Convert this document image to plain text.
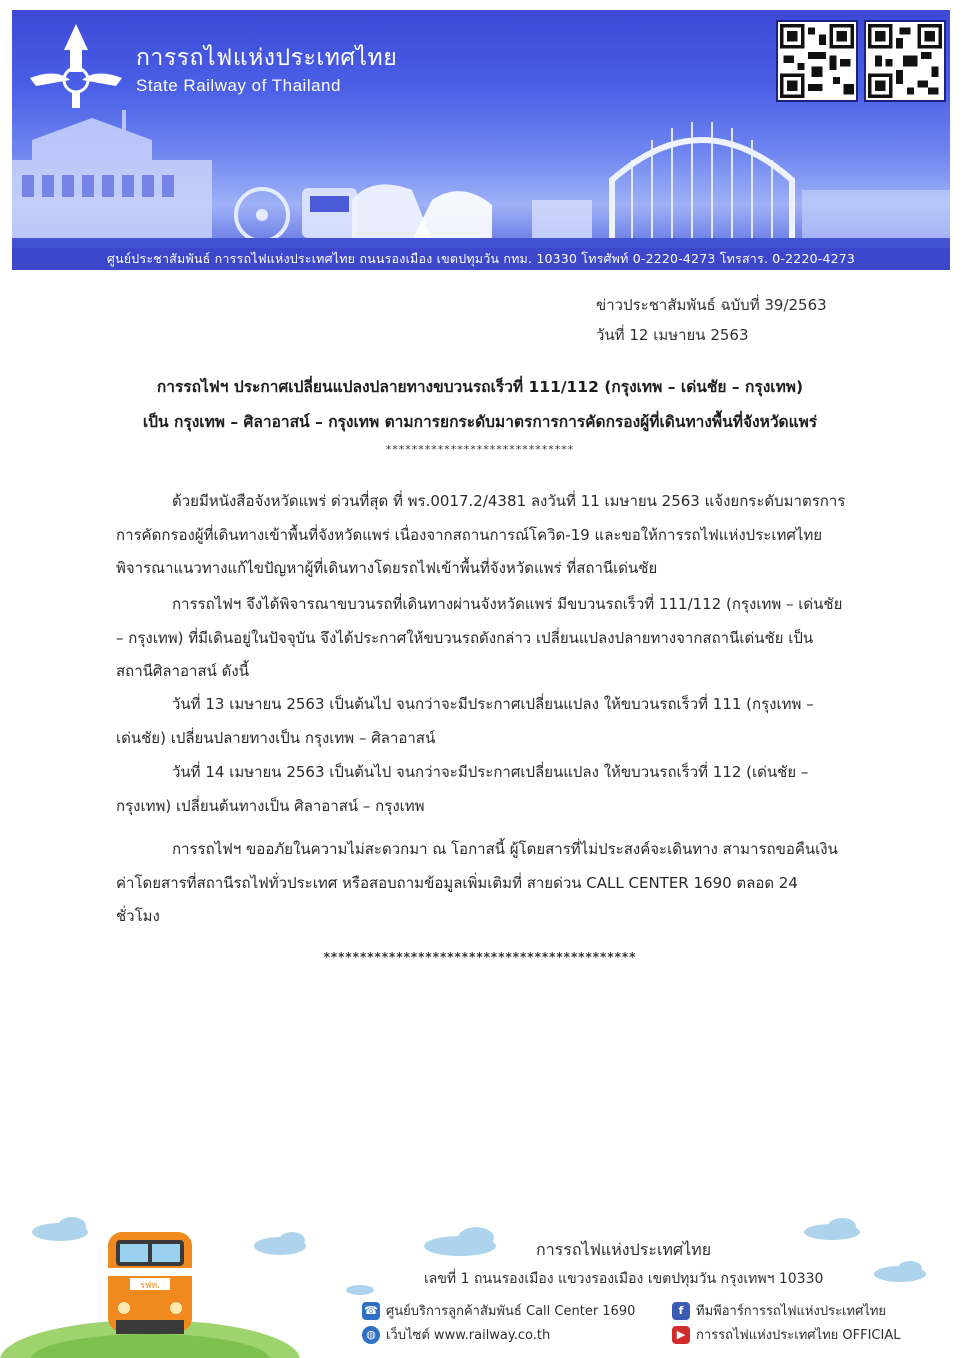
การรถไฟแห่งประเทศไทย
State Railway of Thailand
ศูนย์ประชาสัมพันธ์ การรถไฟแห่งประเทศไทย ถนนรองเมือง เขตปทุมวัน กทม. 10330 โทรศัพท์ 0-2220-4273 โทรสาร. 0-2220-4273
ข่าวประชาสัมพันธ์ ฉบับที่ 39/2563
วันที่ 12 เมษายน 2563
การรถไฟฯ ประกาศเปลี่ยนแปลงปลายทางขบวนรถเร็วที่ 111/112 (กรุงเทพ – เด่นชัย – กรุงเทพ)
เป็น กรุงเทพ – ศิลาอาสน์ – กรุงเทพ ตามการยกระดับมาตรการการคัดกรองผู้ที่เดินทางพื้นที่จังหวัดแพร่
*****************************

ด้วยมีหนังสือจังหวัดแพร่ ด่วนที่สุด ที่ พร.0017.2/4381 ลงวันที่ 11 เมษายน 2563 แจ้งยกระดับมาตรการการคัดกรองผู้ที่เดินทางเข้าพื้นที่จังหวัดแพร่ เนื่องจากสถานการณ์โควิด-19 และขอให้การรถไฟแห่งประเทศไทย พิจารณาแนวทางแก้ไขปัญหาผู้ที่เดินทางโดยรถไฟเข้าพื้นที่จังหวัดแพร่ ที่สถานีเด่นชัย

การรถไฟฯ จึงได้พิจารณาขบวนรถที่เดินทางผ่านจังหวัดแพร่ มีขบวนรถเร็วที่ 111/112 (กรุงเทพ – เด่นชัย – กรุงเทพ) ที่มีเดินอยู่ในปัจจุบัน จึงได้ประกาศให้ขบวนรถดังกล่าว เปลี่ยนแปลงปลายทางจากสถานีเด่นชัย เป็นสถานีศิลาอาสน์ ดังนี้

วันที่ 13 เมษายน 2563 เป็นต้นไป จนกว่าจะมีประกาศเปลี่ยนแปลง ให้ขบวนรถเร็วที่ 111 (กรุงเทพ – เด่นชัย) เปลี่ยนปลายทางเป็น กรุงเทพ – ศิลาอาสน์

วันที่ 14 เมษายน 2563 เป็นต้นไป จนกว่าจะมีประกาศเปลี่ยนแปลง ให้ขบวนรถเร็วที่ 112 (เด่นชัย – กรุงเทพ) เปลี่ยนต้นทางเป็น ศิลาอาสน์ – กรุงเทพ

การรถไฟฯ ขออภัยในความไม่สะดวกมา ณ โอกาสนี้ ผู้โดยสารที่ไม่ประสงค์จะเดินทาง สามารถขอคืนเงินค่าโดยสารที่สถานีรถไฟทั่วประเทศ หรือสอบถามข้อมูลเพิ่มเติมที่ สายด่วน CALL CENTER 1690 ตลอด 24 ชั่วโมง

*******************************************
รฟท.
การรถไฟแห่งประเทศไทย
เลขที่ 1 ถนนรองเมือง แขวงรองเมือง เขตปทุมวัน กรุงเทพฯ 10330
☎ ศูนย์บริการลูกค้าสัมพันธ์ Call Center 1690
◍ เว็บไซต์ www.railway.co.th
f ทีมพีอาร์การรถไฟแห่งประเทศไทย
▶ การรถไฟแห่งประเทศไทย OFFICIAL
